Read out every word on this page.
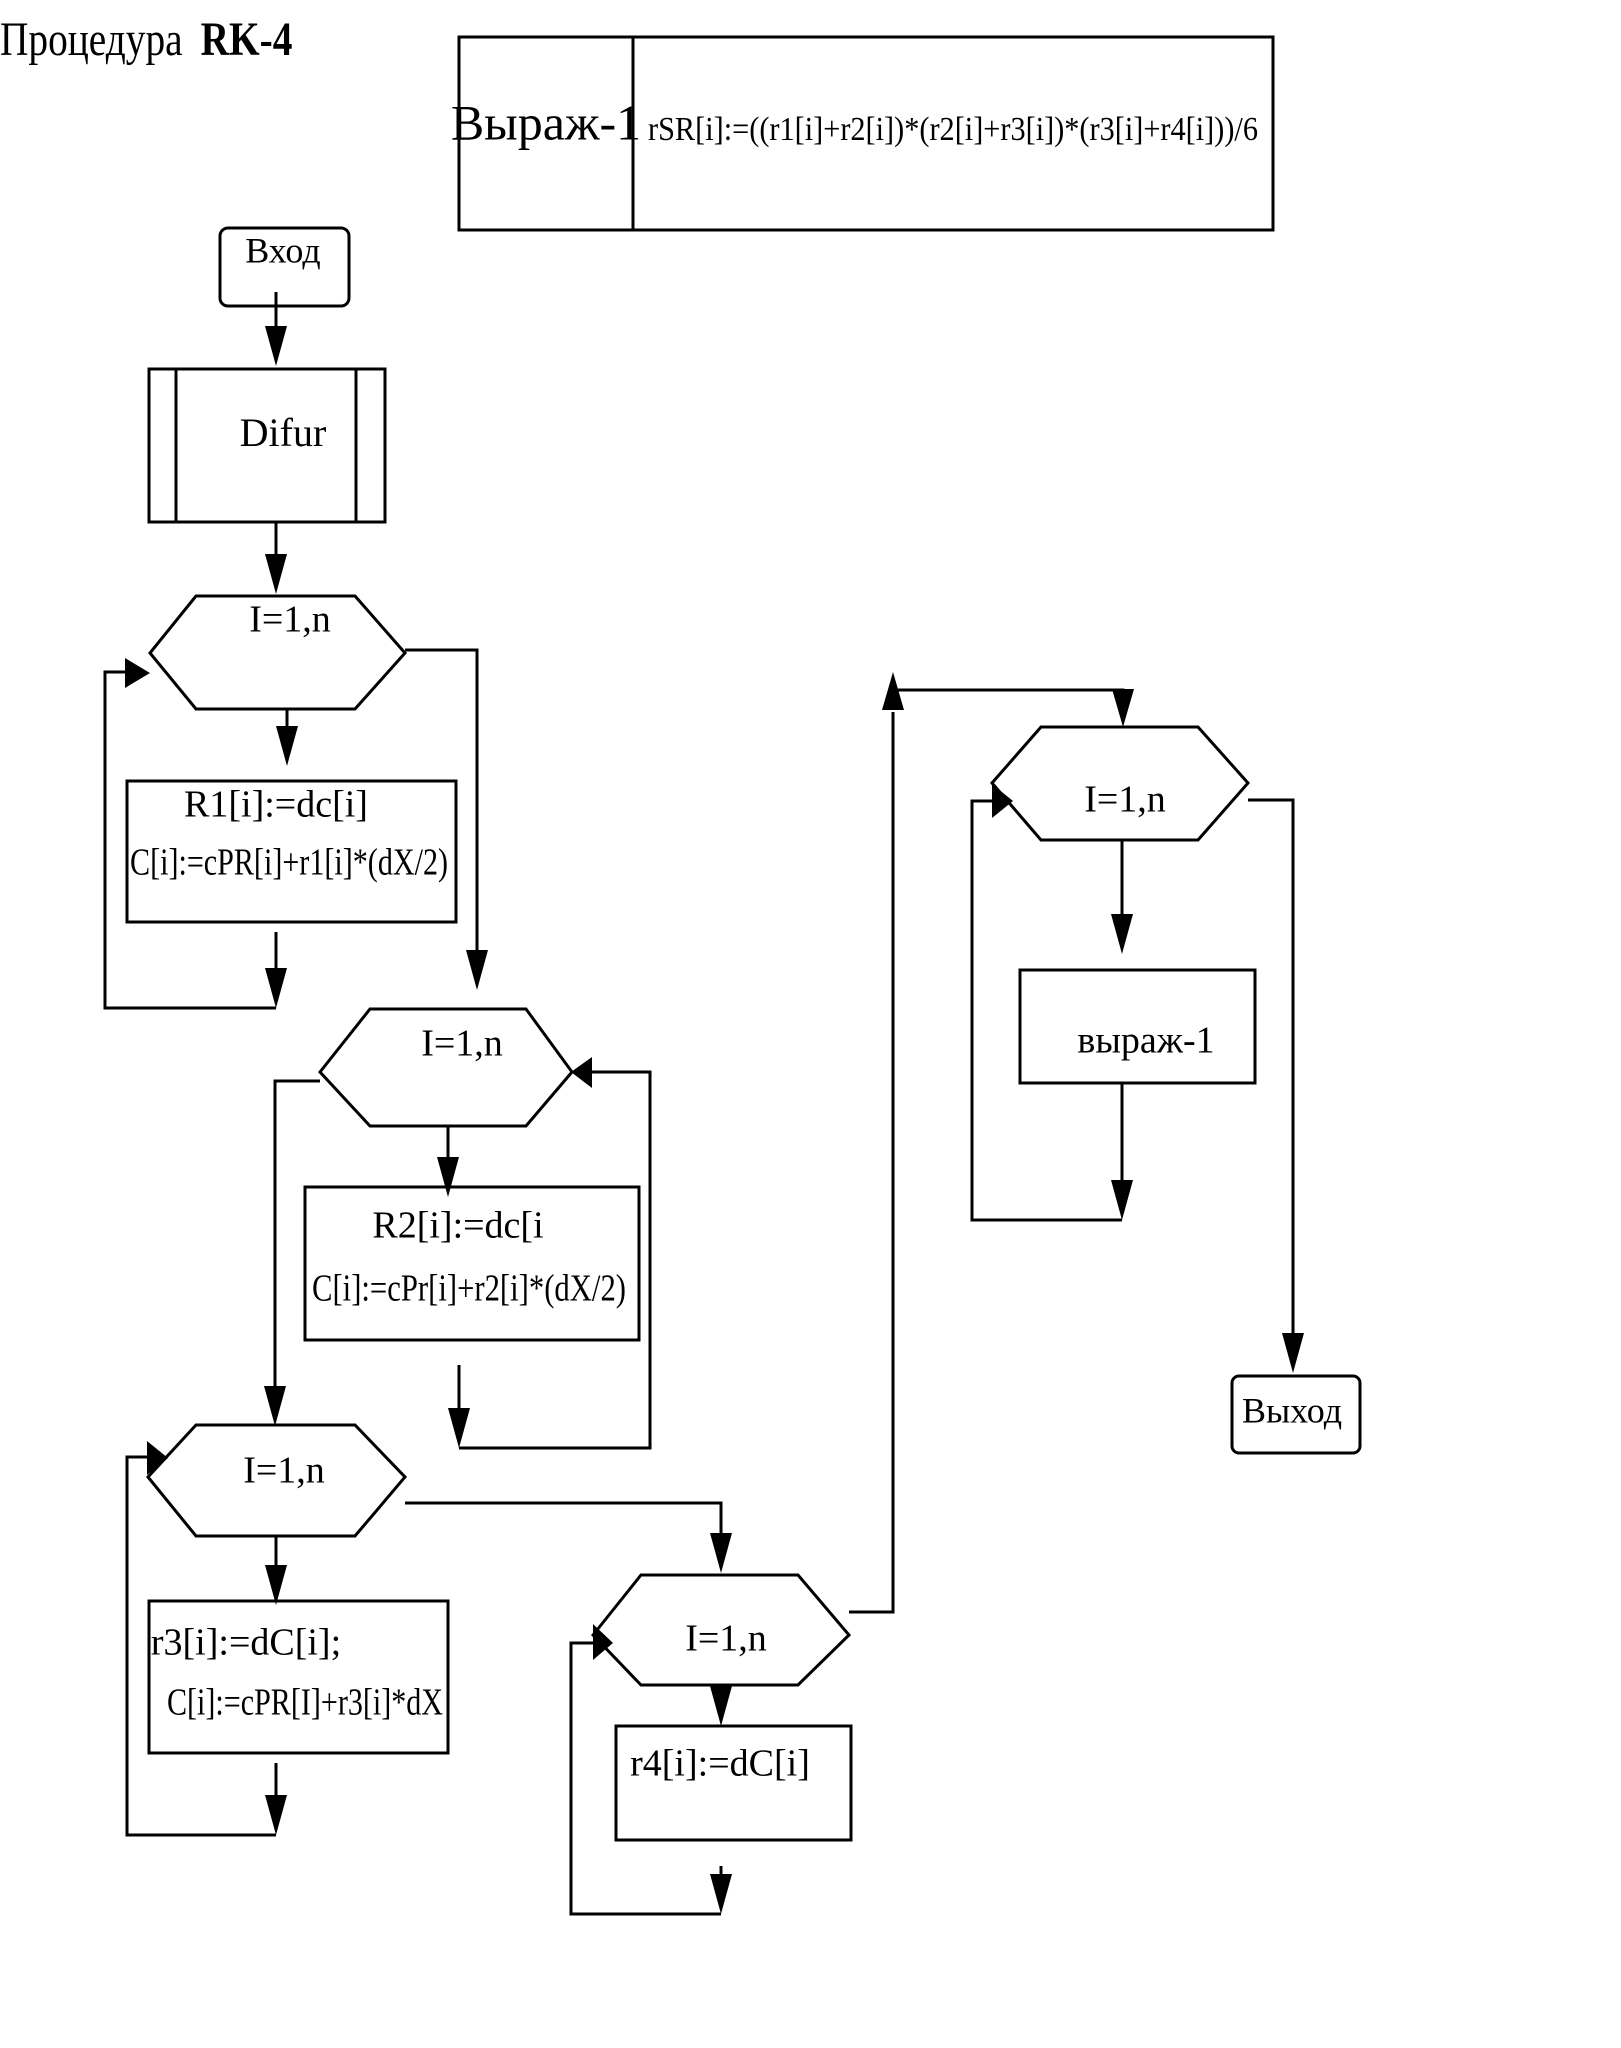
Процедура RK-4
Выраж-1 rSR[i]:=((r1[i]+r2[i])*(r2[i]+r3[i])*(r3[i]+r4[i]))/6
Вход
Difur
I=1,n
R1[i]:=dc[i]
C[i]:=cPR[i]+r1[i]*(dX/2)
I=1,n
R2[i]:=dc[i
C[i]:=cPr[i]+r2[i]*(dX/2)
I=1,n
r3[i]:=dC[i];
C[i]:=cPR[I]+r3[i]*dX
I=1,n
r4[i]:=dC[i]
I=1,n
выраж-1
Выход
